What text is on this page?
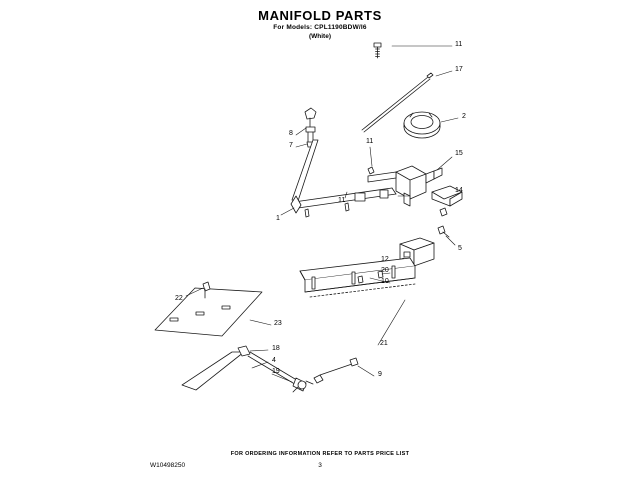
MANIFOLD PARTS
For Models: CPL1190BDW/I6
(White)
11
17
2
8
11
7
15
14
11
1
5
12
20
10
22
23
21
18
4
9
19
FOR ORDERING INFORMATION REFER TO PARTS PRICE LIST
W10498250	3
